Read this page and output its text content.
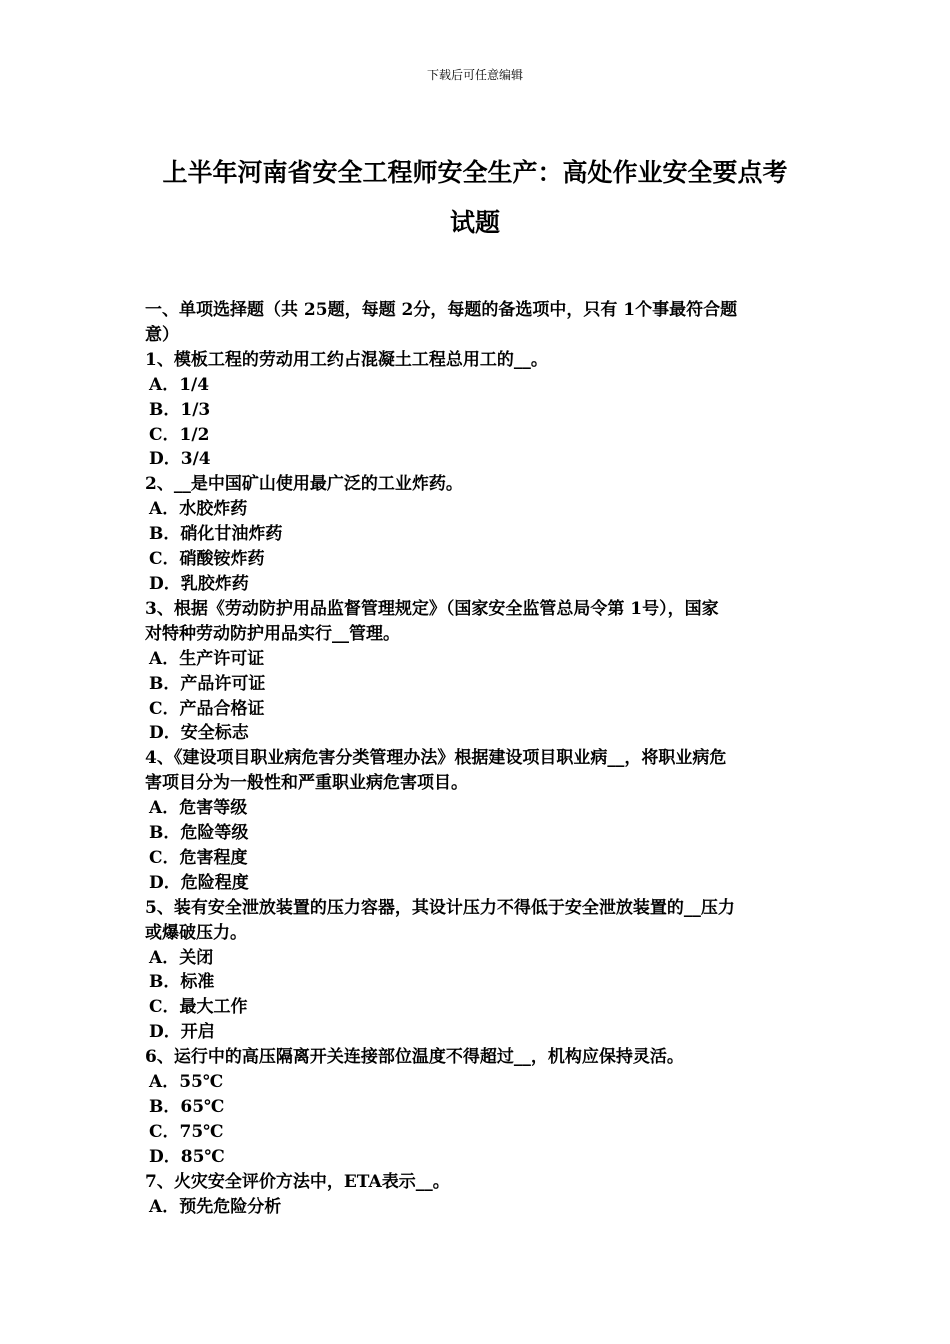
下载后可任意编辑
上半年河南省安全工程师安全生产：高处作业安全要点考
试题
一、单项选择题（共 25题，每题 2分，每题的备选项中，只有 1个事最符合题
意）
1、模板工程的劳动用工约占混凝土工程总用工的__。
A．1/4
B．1/3
C．1/2
D．3/4
2、__是中国矿山使用最广泛的工业炸药。
A．水胶炸药
B．硝化甘油炸药
C．硝酸铵炸药
D．乳胶炸药
3、根据《劳动防护用品监督管理规定》（国家安全监管总局令第 1号），国家
对特种劳动防护用品实行__管理。
A．生产许可证
B．产品许可证
C．产品合格证
D．安全标志
4、《建设项目职业病危害分类管理办法》根据建设项目职业病__，将职业病危
害项目分为一般性和严重职业病危害项目。
A．危害等级
B．危险等级
C．危害程度
D．危险程度
5、装有安全泄放装置的压力容器，其设计压力不得低于安全泄放装置的__压力
或爆破压力。
A．关闭
B．标准
C．最大工作
D．开启
6、运行中的高压隔离开关连接部位温度不得超过__，机构应保持灵活。
A．55℃
B．65℃
C．75℃
D．85℃
7、火灾安全评价方法中，ETA表示__。
A．预先危险分析
